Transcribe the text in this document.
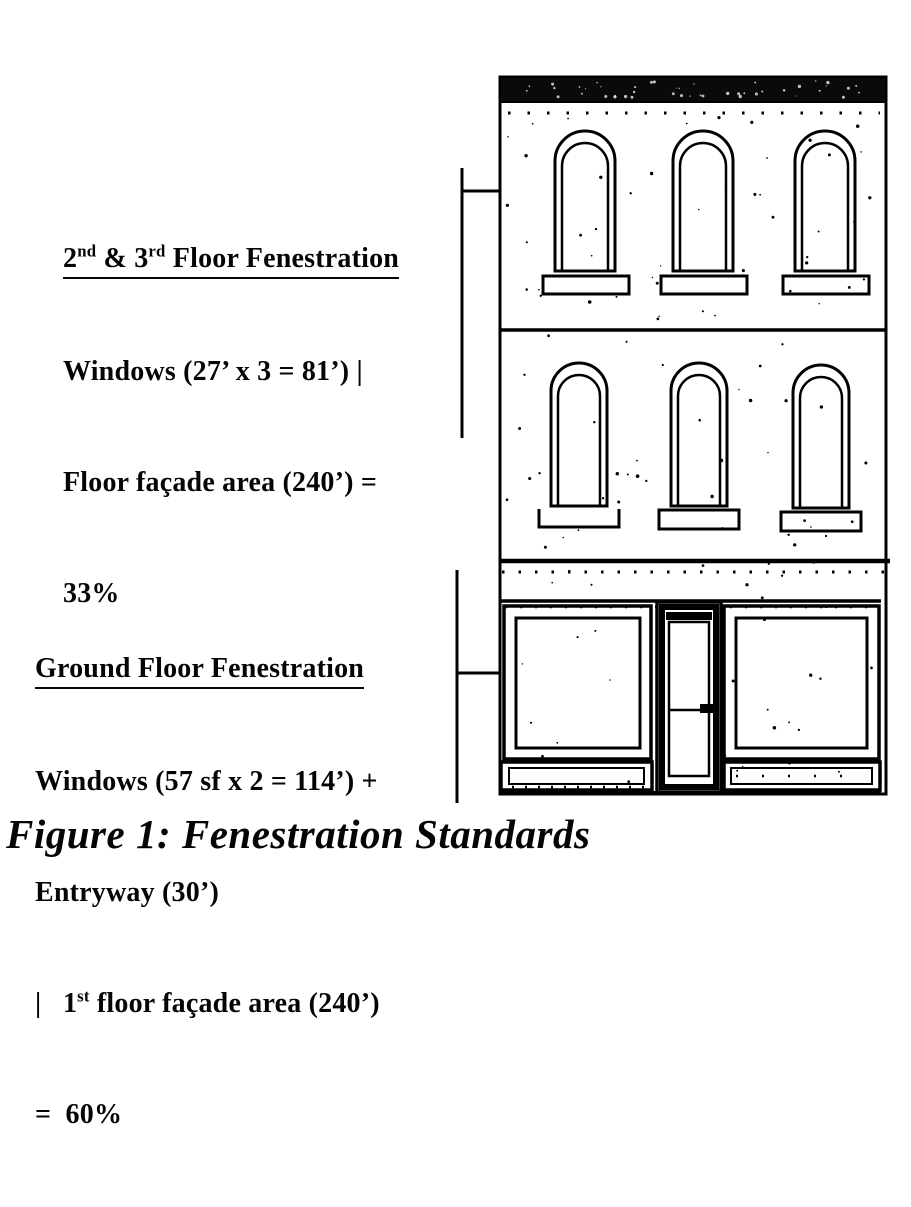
2nd & 3rd Floor Fenestration

Windows (27’ x 3 = 81’) |

Floor façade area (240’) =

33%

Ground Floor Fenestration

Windows (57 sf x 2 = 114’) +

Entryway (30’)

|   1st floor façade area (240’)

=  60%

Figure 1: Fenestration Standards
